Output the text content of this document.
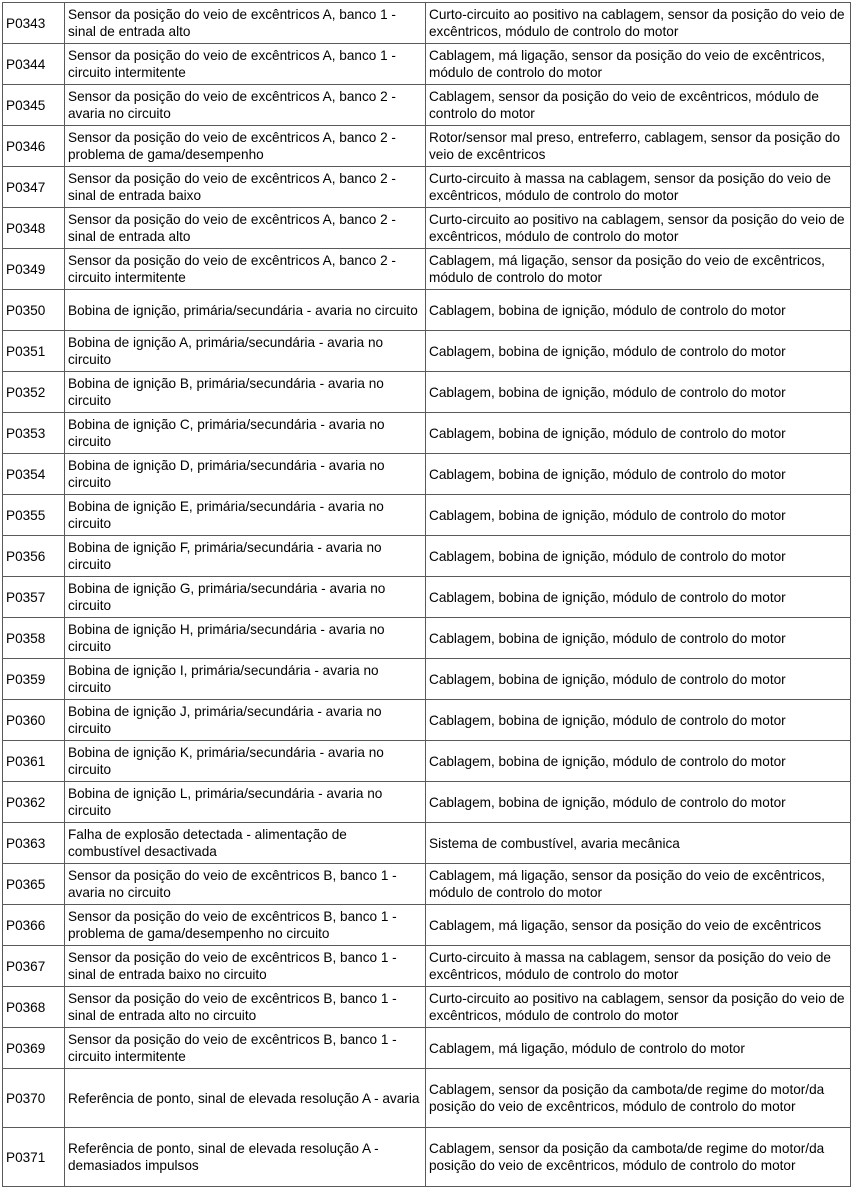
P0343	Sensor da posição do veio de excêntricos A, banco 1 - sinal de entrada alto	Curto-circuito ao positivo na cablagem, sensor da posição do veio de excêntricos, módulo de controlo do motor
P0344	Sensor da posição do veio de excêntricos A, banco 1 - circuito intermitente	Cablagem, má ligação, sensor da posição do veio de excêntricos, módulo de controlo do motor
P0345	Sensor da posição do veio de excêntricos A, banco 2 - avaria no circuito	Cablagem, sensor da posição do veio de excêntricos, módulo de controlo do motor
P0346	Sensor da posição do veio de excêntricos A, banco 2 - problema de gama/desempenho	Rotor/sensor mal preso, entreferro, cablagem, sensor da posição do veio de excêntricos
P0347	Sensor da posição do veio de excêntricos A, banco 2 - sinal de entrada baixo	Curto-circuito à massa na cablagem, sensor da posição do veio de excêntricos, módulo de controlo do motor
P0348	Sensor da posição do veio de excêntricos A, banco 2 - sinal de entrada alto	Curto-circuito ao positivo na cablagem, sensor da posição do veio de excêntricos, módulo de controlo do motor
P0349	Sensor da posição do veio de excêntricos A, banco 2 - circuito intermitente	Cablagem, má ligação, sensor da posição do veio de excêntricos, módulo de controlo do motor
P0350	Bobina de ignição, primária/secundária - avaria no circuito	Cablagem, bobina de ignição, módulo de controlo do motor
P0351	Bobina de ignição A, primária/secundária - avaria no circuito	Cablagem, bobina de ignição, módulo de controlo do motor
P0352	Bobina de ignição B, primária/secundária - avaria no circuito	Cablagem, bobina de ignição, módulo de controlo do motor
P0353	Bobina de ignição C, primária/secundária - avaria no circuito	Cablagem, bobina de ignição, módulo de controlo do motor
P0354	Bobina de ignição D, primária/secundária - avaria no circuito	Cablagem, bobina de ignição, módulo de controlo do motor
P0355	Bobina de ignição E, primária/secundária - avaria no circuito	Cablagem, bobina de ignição, módulo de controlo do motor
P0356	Bobina de ignição F, primária/secundária - avaria no circuito	Cablagem, bobina de ignição, módulo de controlo do motor
P0357	Bobina de ignição G, primária/secundária - avaria no circuito	Cablagem, bobina de ignição, módulo de controlo do motor
P0358	Bobina de ignição H, primária/secundária - avaria no circuito	Cablagem, bobina de ignição, módulo de controlo do motor
P0359	Bobina de ignição I, primária/secundária - avaria no circuito	Cablagem, bobina de ignição, módulo de controlo do motor
P0360	Bobina de ignição J, primária/secundária - avaria no circuito	Cablagem, bobina de ignição, módulo de controlo do motor
P0361	Bobina de ignição K, primária/secundária - avaria no circuito	Cablagem, bobina de ignição, módulo de controlo do motor
P0362	Bobina de ignição L, primária/secundária - avaria no circuito	Cablagem, bobina de ignição, módulo de controlo do motor
P0363	Falha de explosão detectada - alimentação de combustível desactivada	Sistema de combustível, avaria mecânica
P0365	Sensor da posição do veio de excêntricos B, banco 1 - avaria no circuito	Cablagem, má ligação, sensor da posição do veio de excêntricos, módulo de controlo do motor
P0366	Sensor da posição do veio de excêntricos B, banco 1 - problema de gama/desempenho no circuito	Cablagem, má ligação, sensor da posição do veio de excêntricos
P0367	Sensor da posição do veio de excêntricos B, banco 1 - sinal de entrada baixo no circuito	Curto-circuito à massa na cablagem, sensor da posição do veio de excêntricos, módulo de controlo do motor
P0368	Sensor da posição do veio de excêntricos B, banco 1 - sinal de entrada alto no circuito	Curto-circuito ao positivo na cablagem, sensor da posição do veio de excêntricos, módulo de controlo do motor
P0369	Sensor da posição do veio de excêntricos B, banco 1 - circuito intermitente	Cablagem, má ligação, módulo de controlo do motor
P0370	Referência de ponto, sinal de elevada resolução A - avaria	Cablagem, sensor da posição da cambota/de regime do motor/da posição do veio de excêntricos, módulo de controlo do motor
P0371	Referência de ponto, sinal de elevada resolução A - demasiados impulsos	Cablagem, sensor da posição da cambota/de regime do motor/da posição do veio de excêntricos, módulo de controlo do motor
